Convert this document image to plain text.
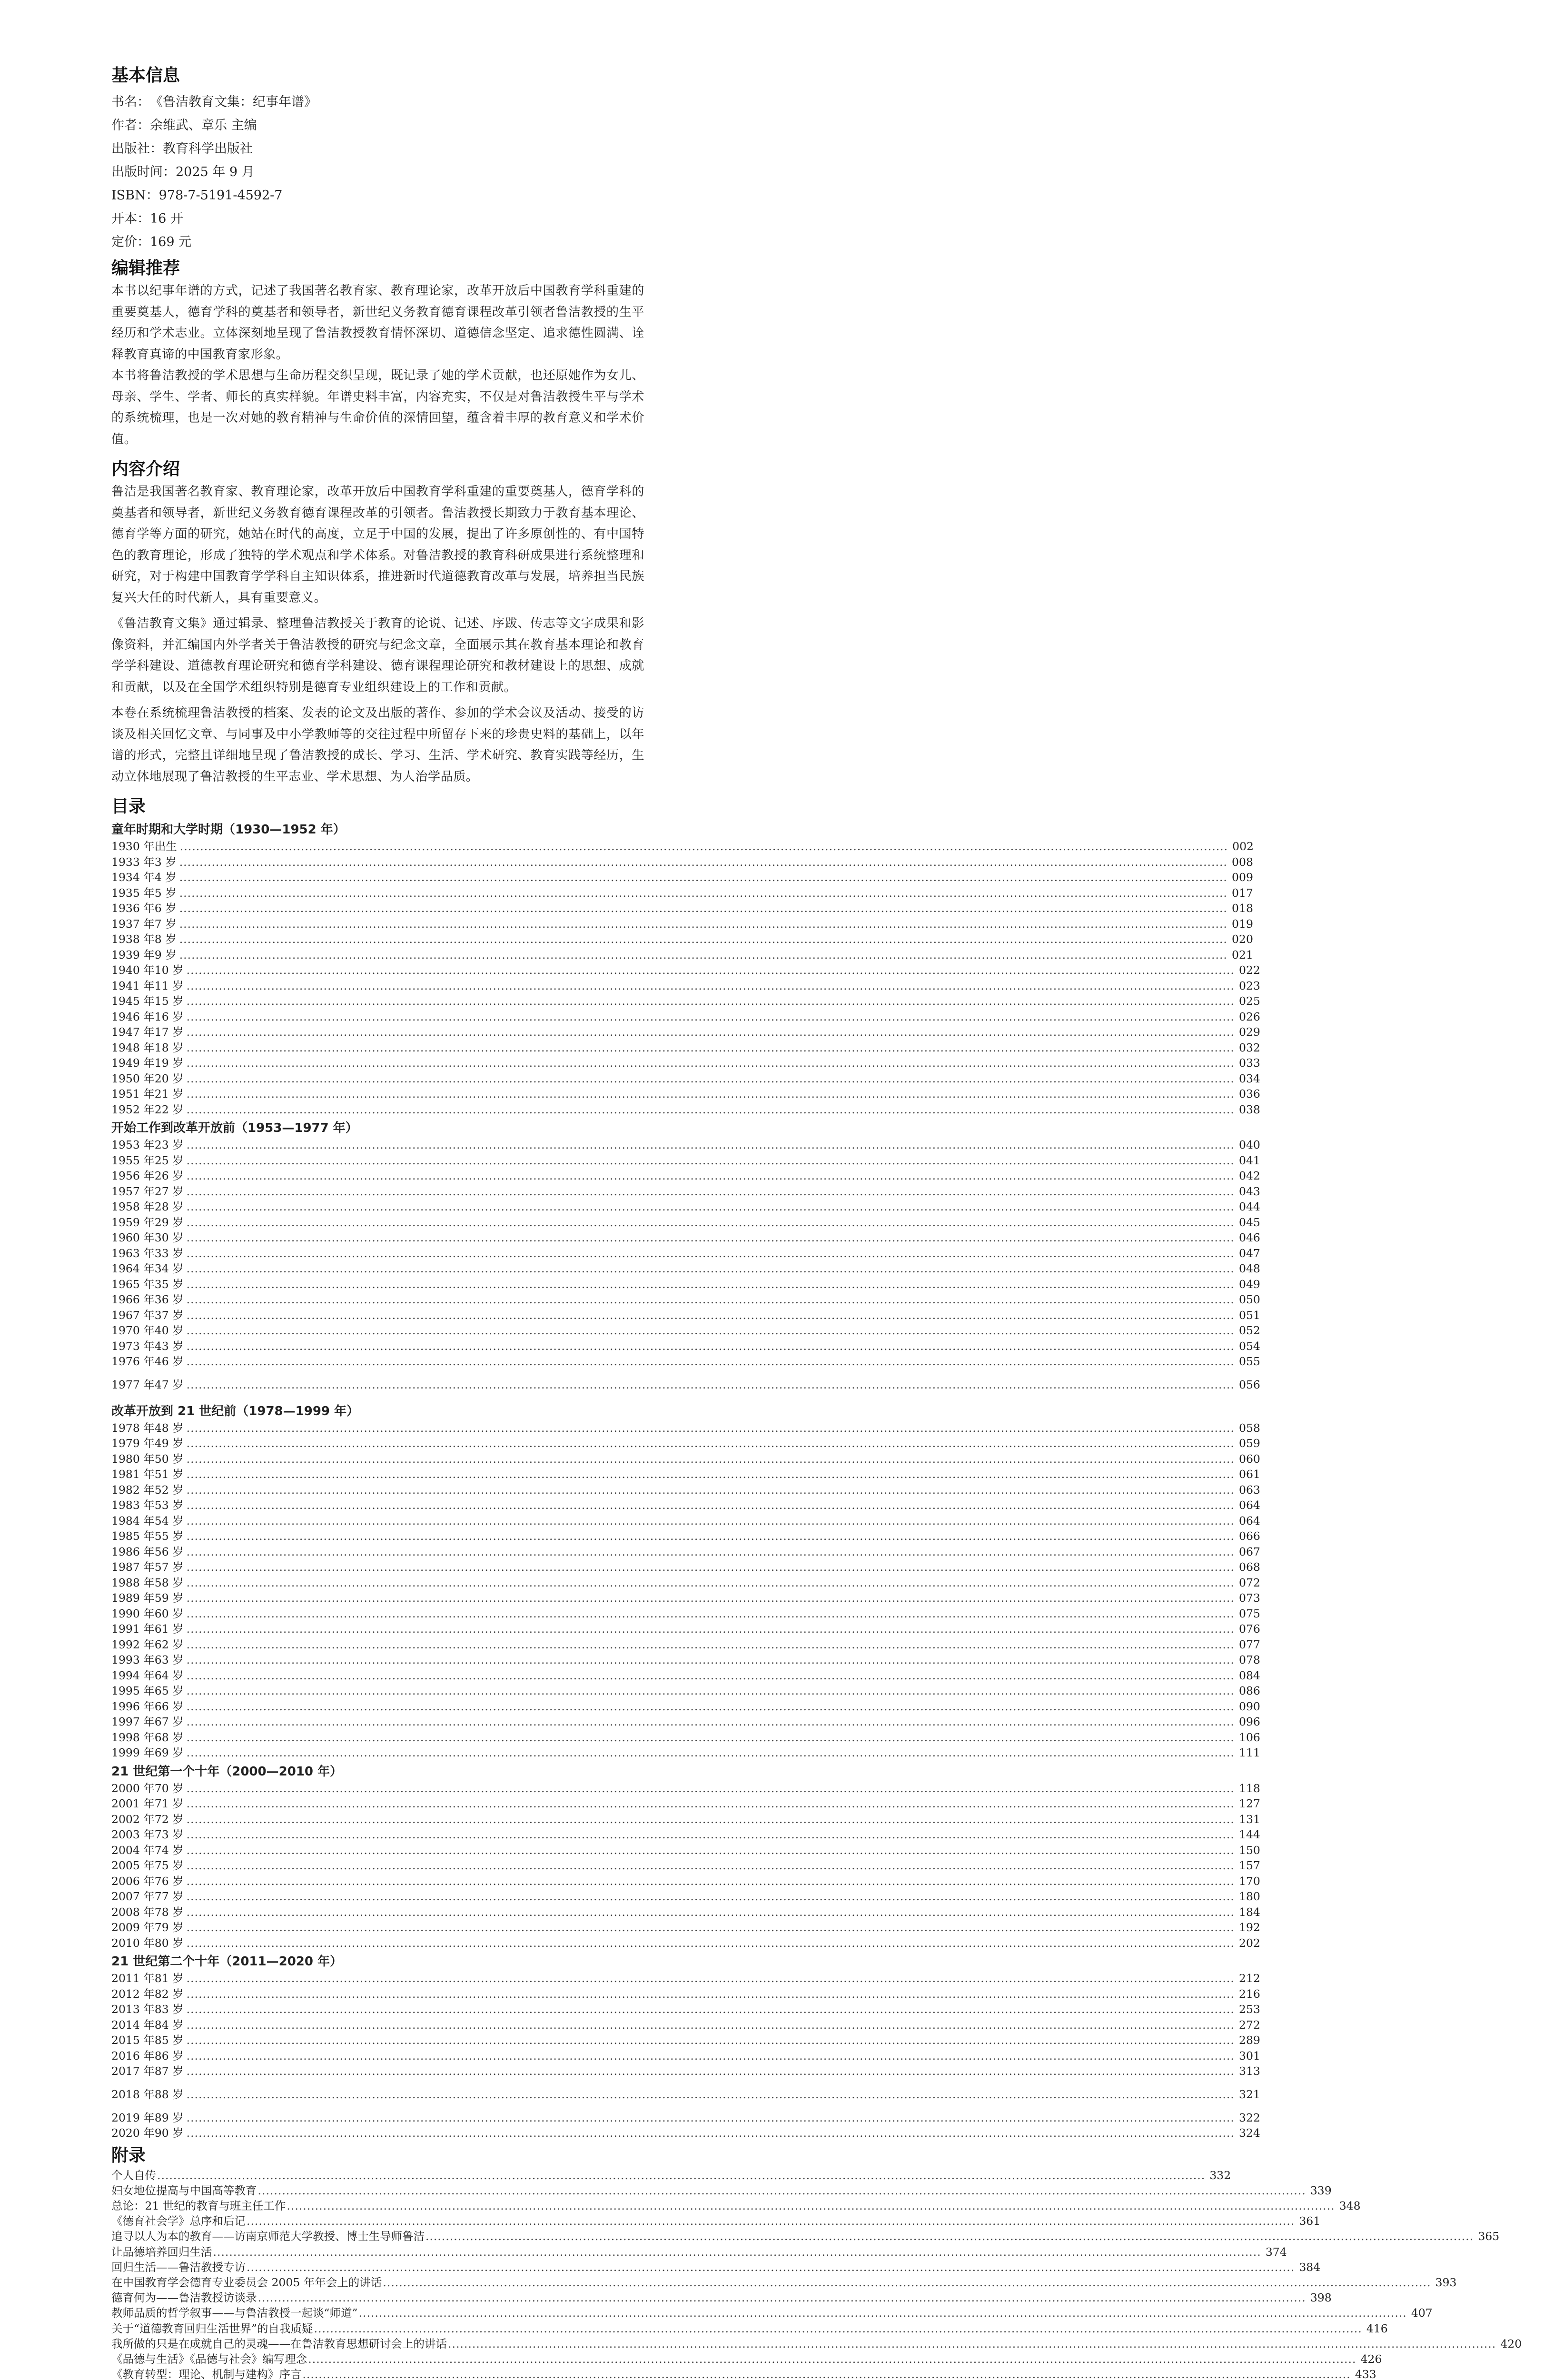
基本信息
书名：《鲁洁教育文集：纪事年谱》
作者：余维武、章乐 主编
出版社：教育科学出版社
出版时间：2025 年 9 月
ISBN：978-7-5191-4592-7
开本：16 开
定价：169 元
编辑推荐

本书以纪事年谱的方式，记述了我国著名教育家、教育理论家，改革开放后中国教育学科重建的重要奠基人，德育学科的奠基者和领导者，新世纪义务教育德育课程改革引领者鲁洁教授的生平经历和学术志业。立体深刻地呈现了鲁洁教授教育情怀深切、道德信念坚定、追求德性圆满、诠释教育真谛的中国教育家形象。

本书将鲁洁教授的学术思想与生命历程交织呈现，既记录了她的学术贡献，也还原她作为女儿、母亲、学生、学者、师长的真实样貌。年谱史料丰富，内容充实，不仅是对鲁洁教授生平与学术的系统梳理，也是一次对她的教育精神与生命价值的深情回望，蕴含着丰厚的教育意义和学术价值。

内容介绍

鲁洁是我国著名教育家、教育理论家，改革开放后中国教育学科重建的重要奠基人，德育学科的奠基者和领导者，新世纪义务教育德育课程改革的引领者。鲁洁教授长期致力于教育基本理论、德育学等方面的研究，她站在时代的高度，立足于中国的发展，提出了许多原创性的、有中国特色的教育理论，形成了独特的学术观点和学术体系。对鲁洁教授的教育科研成果进行系统整理和研究，对于构建中国教育学学科自主知识体系，推进新时代道德教育改革与发展，培养担当民族复兴大任的时代新人，具有重要意义。

《鲁洁教育文集》通过辑录、整理鲁洁教授关于教育的论说、记述、序跋、传志等文字成果和影像资料，并汇编国内外学者关于鲁洁教授的研究与纪念文章，全面展示其在教育基本理论和教育学学科建设、道德教育理论研究和德育学科建设、德育课程理论研究和教材建设上的思想、成就和贡献，以及在全国学术组织特别是德育专业组织建设上的工作和贡献。

本卷在系统梳理鲁洁教授的档案、发表的论文及出版的著作、参加的学术会议及活动、接受的访谈及相关回忆文章、与同事及中小学教师等的交往过程中所留存下来的珍贵史料的基础上，以年谱的形式，完整且详细地呈现了鲁洁教授的成长、学习、生活、学术研究、教育实践等经历，生动立体地展现了鲁洁教授的生平志业、学术思想、为人治学品质。

目录
童年时期和大学时期（1930—1952 年）
1930 年 出生 .................................................................................................................................................................................................................................................................... 002
1933 年 3 岁 .................................................................................................................................................................................................................................................................... 008
1934 年 4 岁 .................................................................................................................................................................................................................................................................... 009
1935 年 5 岁 .................................................................................................................................................................................................................................................................... 017
1936 年 6 岁 .................................................................................................................................................................................................................................................................... 018
1937 年 7 岁 .................................................................................................................................................................................................................................................................... 019
1938 年 8 岁 .................................................................................................................................................................................................................................................................... 020
1939 年 9 岁 .................................................................................................................................................................................................................................................................... 021
1940 年 10 岁 .................................................................................................................................................................................................................................................................... 022
1941 年 11 岁 .................................................................................................................................................................................................................................................................... 023
1945 年 15 岁 .................................................................................................................................................................................................................................................................... 025
1946 年 16 岁 .................................................................................................................................................................................................................................................................... 026
1947 年 17 岁 .................................................................................................................................................................................................................................................................... 029
1948 年 18 岁 .................................................................................................................................................................................................................................................................... 032
1949 年 19 岁 .................................................................................................................................................................................................................................................................... 033
1950 年 20 岁 .................................................................................................................................................................................................................................................................... 034
1951 年 21 岁 .................................................................................................................................................................................................................................................................... 036
1952 年 22 岁 .................................................................................................................................................................................................................................................................... 038
开始工作到改革开放前（1953—1977 年）
1953 年 23 岁 .................................................................................................................................................................................................................................................................... 040
1955 年 25 岁 .................................................................................................................................................................................................................................................................... 041
1956 年 26 岁 .................................................................................................................................................................................................................................................................... 042
1957 年 27 岁 .................................................................................................................................................................................................................................................................... 043
1958 年 28 岁 .................................................................................................................................................................................................................................................................... 044
1959 年 29 岁 .................................................................................................................................................................................................................................................................... 045
1960 年 30 岁 .................................................................................................................................................................................................................................................................... 046
1963 年 33 岁 .................................................................................................................................................................................................................................................................... 047
1964 年 34 岁 .................................................................................................................................................................................................................................................................... 048
1965 年 35 岁 .................................................................................................................................................................................................................................................................... 049
1966 年 36 岁 .................................................................................................................................................................................................................................................................... 050
1967 年 37 岁 .................................................................................................................................................................................................................................................................... 051
1970 年 40 岁 .................................................................................................................................................................................................................................................................... 052
1973 年 43 岁 .................................................................................................................................................................................................................................................................... 054
1976 年 46 岁 .................................................................................................................................................................................................................................................................... 055
1977 年 47 岁 .................................................................................................................................................................................................................................................................... 056
改革开放到 21 世纪前（1978—1999 年）
1978 年 48 岁 .................................................................................................................................................................................................................................................................... 058
1979 年 49 岁 .................................................................................................................................................................................................................................................................... 059
1980 年 50 岁 .................................................................................................................................................................................................................................................................... 060
1981 年 51 岁 .................................................................................................................................................................................................................................................................... 061
1982 年 52 岁 .................................................................................................................................................................................................................................................................... 063
1983 年 53 岁 .................................................................................................................................................................................................................................................................... 064
1984 年 54 岁 .................................................................................................................................................................................................................................................................... 064
1985 年 55 岁 .................................................................................................................................................................................................................................................................... 066
1986 年 56 岁 .................................................................................................................................................................................................................................................................... 067
1987 年 57 岁 .................................................................................................................................................................................................................................................................... 068
1988 年 58 岁 .................................................................................................................................................................................................................................................................... 072
1989 年 59 岁 .................................................................................................................................................................................................................................................................... 073
1990 年 60 岁 .................................................................................................................................................................................................................................................................... 075
1991 年 61 岁 .................................................................................................................................................................................................................................................................... 076
1992 年 62 岁 .................................................................................................................................................................................................................................................................... 077
1993 年 63 岁 .................................................................................................................................................................................................................................................................... 078
1994 年 64 岁 .................................................................................................................................................................................................................................................................... 084
1995 年 65 岁 .................................................................................................................................................................................................................................................................... 086
1996 年 66 岁 .................................................................................................................................................................................................................................................................... 090
1997 年 67 岁 .................................................................................................................................................................................................................................................................... 096
1998 年 68 岁 .................................................................................................................................................................................................................................................................... 106
1999 年 69 岁 .................................................................................................................................................................................................................................................................... 111
21 世纪第一个十年（2000—2010 年）
2000 年 70 岁 .................................................................................................................................................................................................................................................................... 118
2001 年 71 岁 .................................................................................................................................................................................................................................................................... 127
2002 年 72 岁 .................................................................................................................................................................................................................................................................... 131
2003 年 73 岁 .................................................................................................................................................................................................................................................................... 144
2004 年 74 岁 .................................................................................................................................................................................................................................................................... 150
2005 年 75 岁 .................................................................................................................................................................................................................................................................... 157
2006 年 76 岁 .................................................................................................................................................................................................................................................................... 170
2007 年 77 岁 .................................................................................................................................................................................................................................................................... 180
2008 年 78 岁 .................................................................................................................................................................................................................................................................... 184
2009 年 79 岁 .................................................................................................................................................................................................................................................................... 192
2010 年 80 岁 .................................................................................................................................................................................................................................................................... 202
21 世纪第二个十年（2011—2020 年）
2011 年 81 岁 .................................................................................................................................................................................................................................................................... 212
2012 年 82 岁 .................................................................................................................................................................................................................................................................... 216
2013 年 83 岁 .................................................................................................................................................................................................................................................................... 253
2014 年 84 岁 .................................................................................................................................................................................................................................................................... 272
2015 年 85 岁 .................................................................................................................................................................................................................................................................... 289
2016 年 86 岁 .................................................................................................................................................................................................................................................................... 301
2017 年 87 岁 .................................................................................................................................................................................................................................................................... 313
2018 年 88 岁 .................................................................................................................................................................................................................................................................... 321
2019 年 89 岁 .................................................................................................................................................................................................................................................................... 322
2020 年 90 岁 .................................................................................................................................................................................................................................................................... 324
附录
个人自传 .................................................................................................................................................................................................................................................................... 332
妇女地位提高与中国高等教育 .................................................................................................................................................................................................................................................................... 339
总论：21 世纪的教育与班主任工作 .................................................................................................................................................................................................................................................................... 348
《德育社会学》总序和后记 .................................................................................................................................................................................................................................................................... 361
追寻以人为本的教育——访南京师范大学教授、博士生导师鲁洁 .................................................................................................................................................................................................................................................................... 365
让品德培养回归生活 .................................................................................................................................................................................................................................................................... 374
回归生活——鲁洁教授专访 .................................................................................................................................................................................................................................................................... 384
在中国教育学会德育专业委员会 2005 年年会上的讲话 .................................................................................................................................................................................................................................................................... 393
德育何为——鲁洁教授访谈录 .................................................................................................................................................................................................................................................................... 398
教师品质的哲学叙事——与鲁洁教授一起谈“师道” .................................................................................................................................................................................................................................................................... 407
关于“道德教育回归生活世界”的自我质疑 .................................................................................................................................................................................................................................................................... 416
我所做的只是在成就自己的灵魂——在鲁洁教育思想研讨会上的讲话 .................................................................................................................................................................................................................................................................... 420
《品德与生活》《品德与社会》编写理念 .................................................................................................................................................................................................................................................................... 426
《教育转型：理论、机制与建构》序言 .................................................................................................................................................................................................................................................................... 433
